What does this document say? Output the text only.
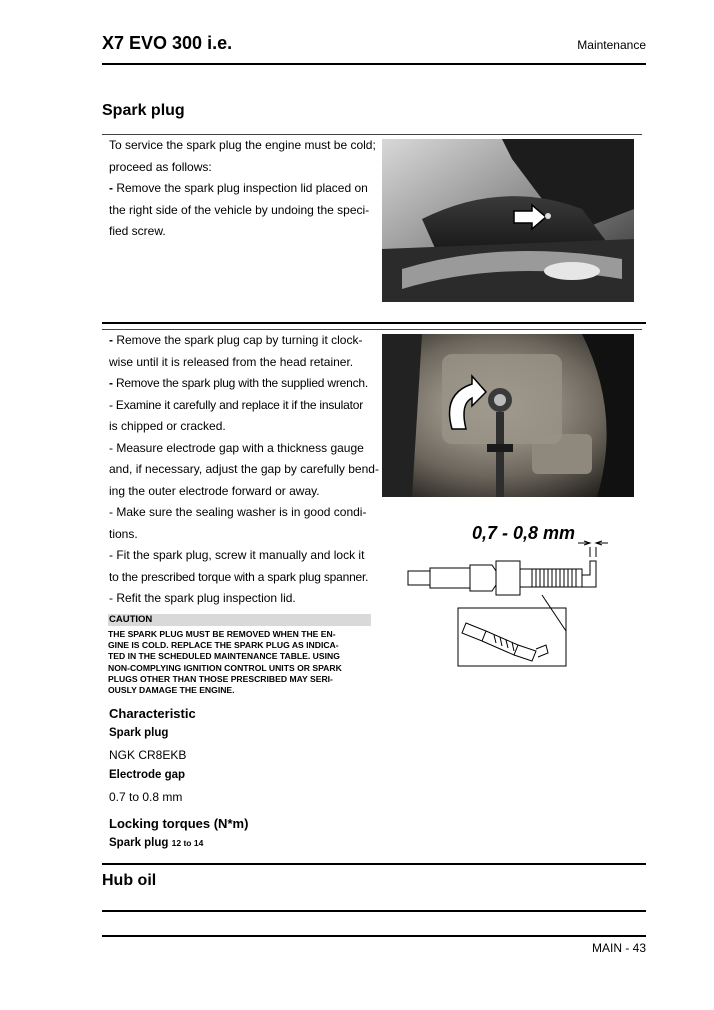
X7 EVO 300 i.e.	Maintenance
Spark plug

To service the spark plug the engine must be cold;

proceed as follows:

- Remove the spark plug inspection lid placed on

the right side of the vehicle by undoing the speci-

fied screw.

- Remove the spark plug cap by turning it clock-

wise until it is released from the head retainer.

- Remove the spark plug with the supplied wrench.

- Examine it carefully and replace it if the insulator

is chipped or cracked.

- Measure electrode gap with a thickness gauge

and, if necessary, adjust the gap by carefully bend-

ing the outer electrode forward or away.

- Make sure the sealing washer is in good condi-

tions.

- Fit the spark plug, screw it manually and lock it

to the prescribed torque with a spark plug spanner.

- Refit the spark plug inspection lid.

CAUTION
THE SPARK PLUG MUST BE REMOVED WHEN THE EN-
GINE IS COLD. REPLACE THE SPARK PLUG AS INDICA-
TED IN THE SCHEDULED MAINTENANCE TABLE. USING
NON-COMPLYING IGNITION CONTROL UNITS OR SPARK
PLUGS OTHER THAN THOSE PRESCRIBED MAY SERI-
OUSLY DAMAGE THE ENGINE.
Characteristic
Spark plug
NGK CR8EKB
Electrode gap
0.7 to 0.8 mm
Locking torques (N*m)
Spark plug 12 to 14
0,7 - 0,8 mm
Hub oil
MAIN - 43
